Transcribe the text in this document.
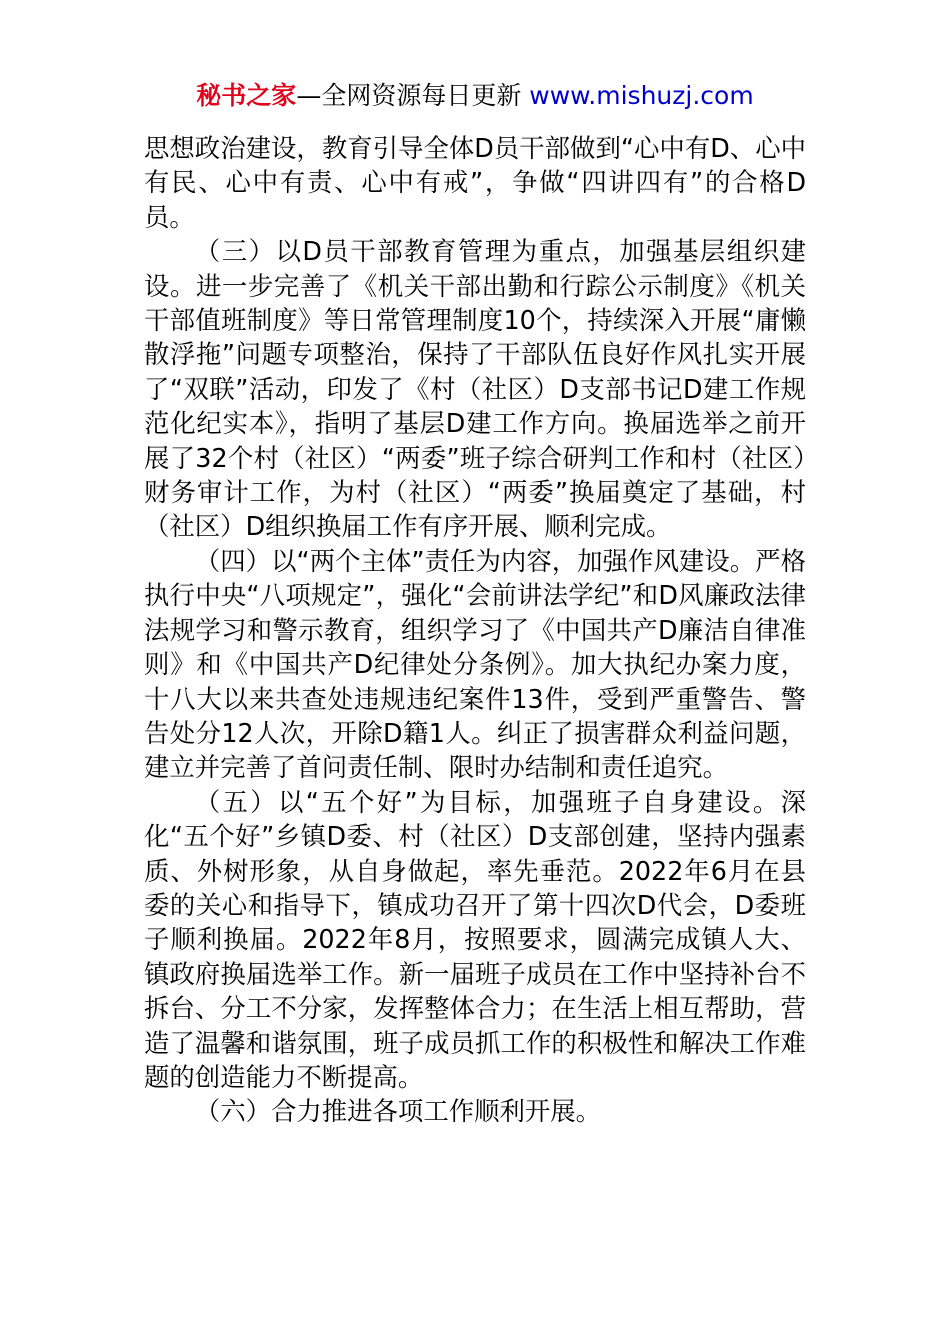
秘书之家—全网资源每日更新 www.mishuzj.com

思想政治建设，教育引导全体D员干部做到“心中有D、心中有民、心中有责、心中有戒”，争做“四讲四有”的合格D员。

（三）以D员干部教育管理为重点，加强基层组织建设。进一步完善了《机关干部出勤和行踪公示制度》《机关干部值班制度》等日常管理制度10个，持续深入开展“庸懒散浮拖”问题专项整治，保持了干部队伍良好作风扎实开展了“双联”活动，印发了《村（社区）D支部书记D建工作规范化纪实本》，指明了基层D建工作方向。换届选举之前开展了32个村（社区）“两委”班子综合研判工作和村（社区）财务审计工作，为村（社区）“两委”换届奠定了基础，村（社区）D组织换届工作有序开展、顺利完成。

（四）以“两个主体”责任为内容，加强作风建设。严格执行中央“八项规定”，强化“会前讲法学纪”和D风廉政法律法规学习和警示教育，组织学习了《中国共产D廉洁自律准则》和《中国共产D纪律处分条例》。加大执纪办案力度，十八大以来共查处违规违纪案件13件，受到严重警告、警告处分12人次，开除D籍1人。纠正了损害群众利益问题，建立并完善了首问责任制、限时办结制和责任追究。

（五）以“五个好”为目标，加强班子自身建设。深化“五个好”乡镇D委、村（社区）D支部创建，坚持内强素质、外树形象，从自身做起，率先垂范。2022年6月在县委的关心和指导下，镇成功召开了第十四次D代会，D委班子顺利换届。2022年8月，按照要求，圆满完成镇人大、镇政府换届选举工作。新一届班子成员在工作中坚持补台不拆台、分工不分家，发挥整体合力；在生活上相互帮助，营造了温馨和谐氛围，班子成员抓工作的积极性和解决工作难题的创造能力不断提高。

（六）合力推进各项工作顺利开展。
